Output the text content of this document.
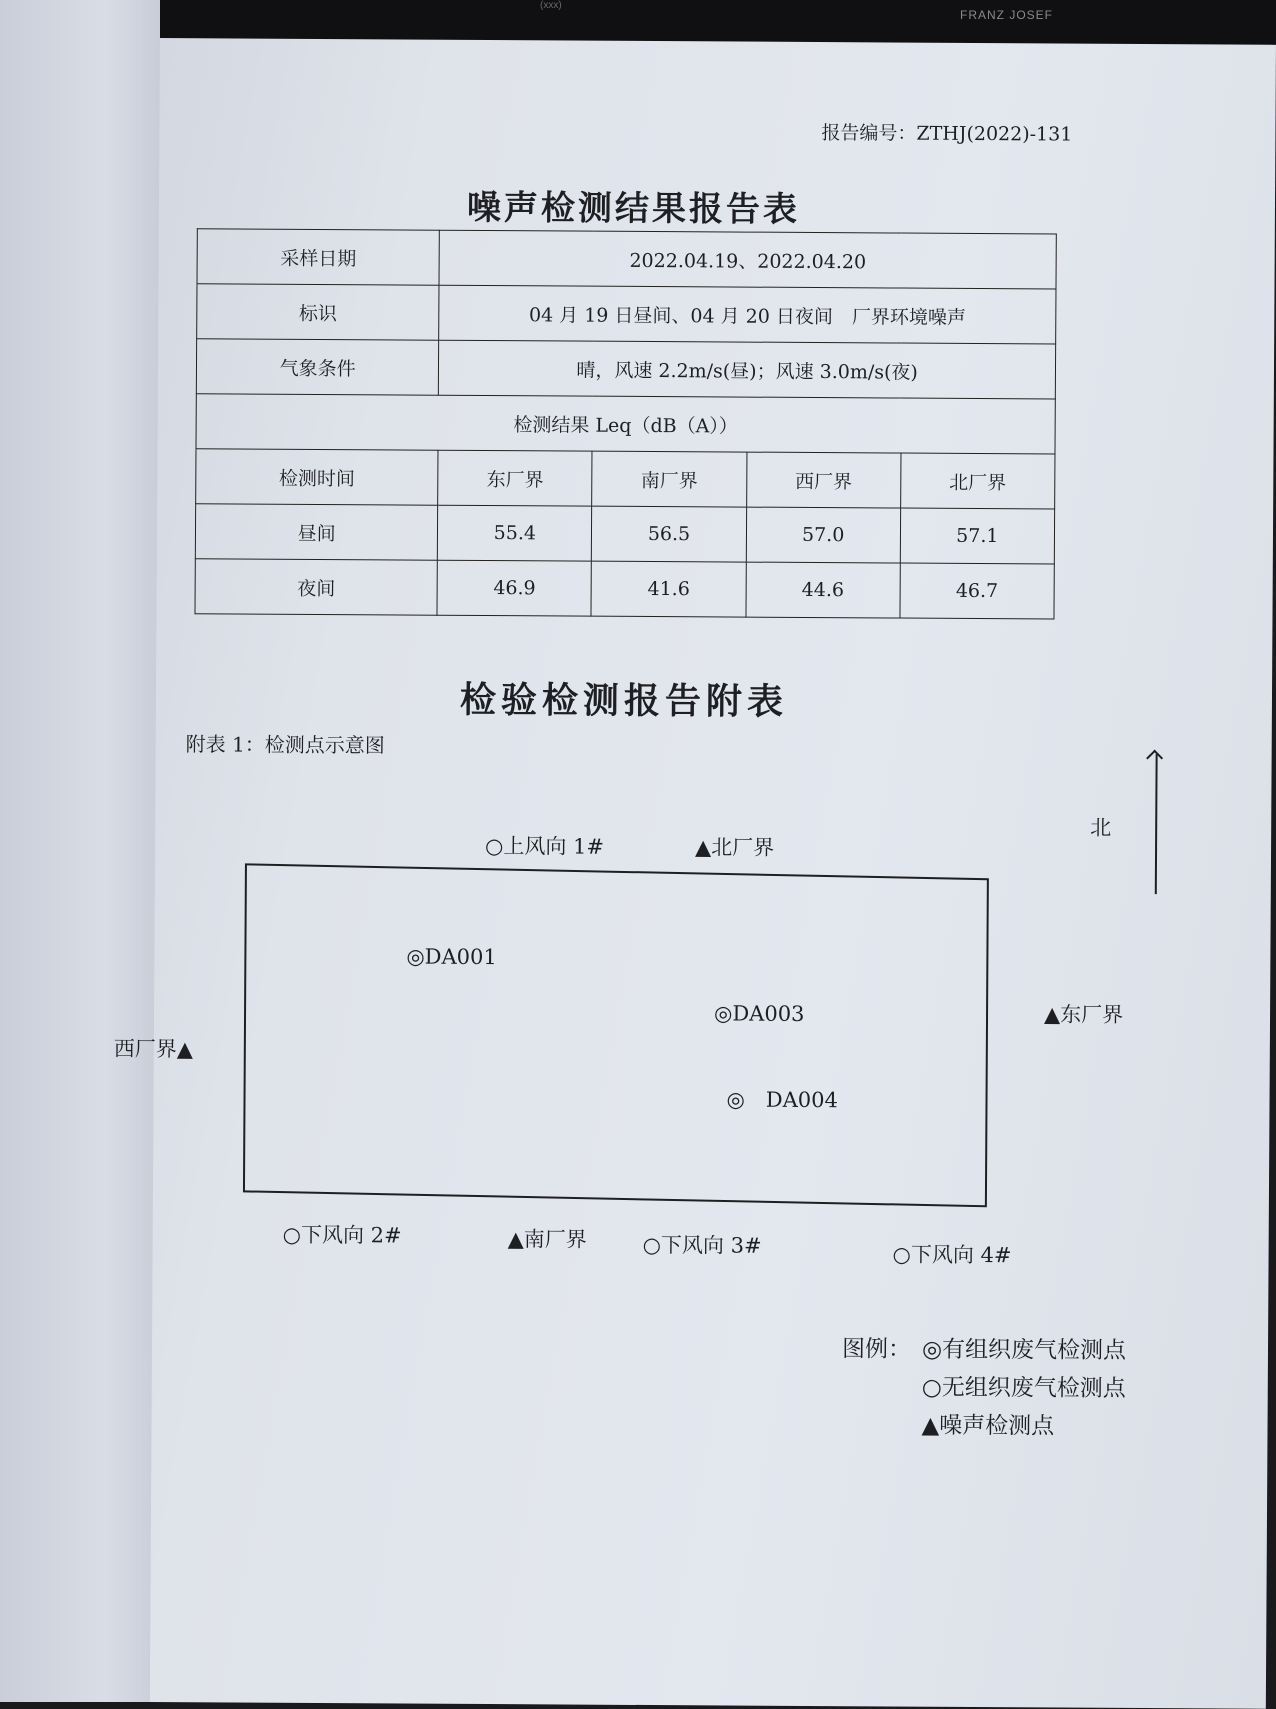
(xxx)
FRANZ JOSEF
报告编号：ZTHJ(2022)-131
噪声检测结果报告表
采样日期	2022.04.19、2022.04.20			
标识	04 月 19 日昼间、04 月 20 日夜间　厂界环境噪声			
气象条件	晴，风速 2.2m/s(昼)；风速 3.0m/s(夜)			
检测结果 Leq（dB（A））				
检测时间	东厂界	南厂界	西厂界	北厂界
昼间	55.4	56.5	57.0	57.1
夜间	46.9	41.6	44.6	46.7
检验检测报告附表
附表 1：检测点示意图
北
○上风向 1#	▲北厂界
◎DA001
◎DA003
◎　DA004
西厂界▲
▲东厂界
○下风向 2#	▲南厂界	○下风向 3#	○下风向 4#
图例： ◎有组织废气检测点
○无组织废气检测点
▲噪声检测点
